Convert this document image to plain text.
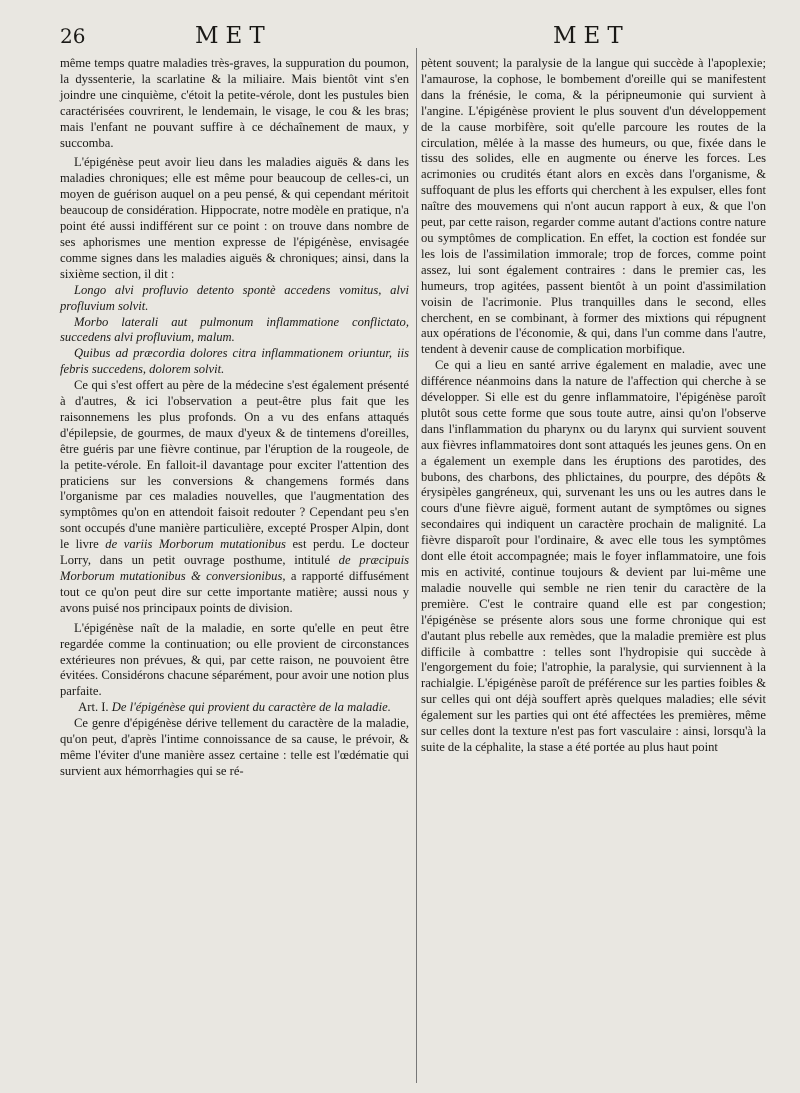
26	MET	MET

même temps quatre maladies très-graves, la suppuration du poumon, la dyssenterie, la scarlatine & la miliaire. Mais bientôt vint s'en joindre une cinquième, c'étoit la petite-vérole, dont les pustules bien caractérisées couvrirent, le lendemain, le visage, le cou & les bras; mais l'enfant ne pouvant suffire à ce déchaînement de maux, y succomba.

L'épigénèse peut avoir lieu dans les maladies aiguës & dans les maladies chroniques; elle est même pour beaucoup de celles-ci, un moyen de guérison auquel on a peu pensé, & qui cependant méritoit beaucoup de considération. Hippocrate, notre modèle en pratique, n'a point été aussi indifférent sur ce point : on trouve dans nombre de ses aphorismes une mention expresse de l'épigénèse, envisagée comme signes dans les maladies aiguës & chroniques; ainsi, dans la sixième section, il dit :

Longo alvi profluvio detento spontè accedens vomitus, alvi profluvium solvit.

Morbo laterali aut pulmonum inflammatione conflictato, succedens alvi profluvium, malum.

Quibus ad præcordia dolores citra inflammationem oriuntur, iis febris succedens, dolorem solvit.

Ce qui s'est offert au père de la médecine s'est également présenté à d'autres, & ici l'observation a peut-être plus fait que les raisonnemens les plus profonds. On a vu des enfans attaqués d'épilepsie, de gourmes, de maux d'yeux & de tintemens d'oreilles, être guéris par une fièvre continue, par l'éruption de la rougeole, de la petite-vérole. En falloit-il davantage pour exciter l'attention des praticiens sur les conversions & changemens formés dans l'organisme par ces maladies nouvelles, que l'augmentation des symptômes qu'on en attendoit faisoit redouter ? Cependant peu s'en sont occupés d'une manière particulière, excepté Prosper Alpin, dont le livre de variis Morborum mutationibus est perdu. Le docteur Lorry, dans un petit ouvrage posthume, intitulé de præcipuis Morborum mutationibus & conversionibus, a rapporté diffusément tout ce qu'on peut dire sur cette importante matière; aussi nous y avons puisé nos principaux points de division.

L'épigénèse naît de la maladie, en sorte qu'elle en peut être regardée comme la continuation; ou elle provient de circonstances extérieures non prévues, & qui, par cette raison, ne pouvoient être évitées. Considérons chacune séparément, pour avoir une notion plus parfaite.

Art. I. De l'épigénèse qui provient du caractère de la maladie.

Ce genre d'épigénèse dérive tellement du caractère de la maladie, qu'on peut, d'après l'intime connoissance de sa cause, le prévoir, & même l'éviter d'une manière assez certaine : telle est l'œdématie qui survient aux hémorrhagies qui se ré-

pètent souvent; la paralysie de la langue qui succède à l'apoplexie; l'amaurose, la cophose, le bombement d'oreille qui se manifestent dans la frénésie, le coma, & la péripneumonie qui survient à l'angine. L'épigénèse provient le plus souvent d'un développement de la cause morbifère, soit qu'elle parcoure les routes de la circulation, mêlée à la masse des humeurs, ou que, fixée dans le tissu des solides, elle en augmente ou énerve les forces. Les acrimonies ou crudités étant alors en excès dans l'organisme, & suffoquant de plus les efforts qui cherchent à les expulser, elles font naître des mouvemens qui n'ont aucun rapport à eux, & que l'on peut, par cette raison, regarder comme autant d'actions contre nature ou symptômes de complication. En effet, la coction est fondée sur les lois de l'assimilation immorale; trop de forces, comme point assez, lui sont également contraires : dans le premier cas, les humeurs, trop agitées, passent bientôt à un point d'assimilation voisin de l'acrimonie. Plus tranquilles dans le second, elles cherchent, en se combinant, à former des mixtions qui répugnent aux opérations de l'économie, & qui, dans l'un comme dans l'autre, tendent à devenir cause de complication morbifique.

Ce qui a lieu en santé arrive également en maladie, avec une différence néanmoins dans la nature de l'affection qui cherche à se développer. Si elle est du genre inflammatoire, l'épigénèse paroît plutôt sous cette forme que sous toute autre, ainsi qu'on l'observe dans l'inflammation du pharynx ou du larynx qui survient souvent aux fièvres inflammatoires dont sont attaqués les jeunes gens. On en a également un exemple dans les éruptions des parotides, des bubons, des charbons, des phlictaines, du pourpre, des dépôts & érysipèles gangréneux, qui, survenant les uns ou les autres dans le cours d'une fièvre aiguë, forment autant de symptômes ou signes secondaires qui indiquent un caractère prochain de malignité. La fièvre disparoît pour l'ordinaire, & avec elle tous les symptômes dont elle étoit accompagnée; mais le foyer inflammatoire, une fois mis en activité, continue toujours & devient par lui-même une maladie nouvelle qui semble ne rien tenir du caractère de la première. C'est le contraire quand elle est par congestion; l'épigénèse se présente alors sous une forme chronique qui est d'autant plus rebelle aux remèdes, que la maladie première est plus difficile à combattre : telles sont l'hydropisie qui succède à l'engorgement du foie; l'atrophie, la paralysie, qui surviennent à la rachialgie. L'épigénèse paroît de préférence sur les parties foibles & sur celles qui ont déjà souffert après quelques maladies; elle sévit également sur les parties qui ont été affectées les premières, même sur celles dont la texture n'est pas fort vasculaire : ainsi, lorsqu'à la suite de la céphalite, la stase a été portée au plus haut point
